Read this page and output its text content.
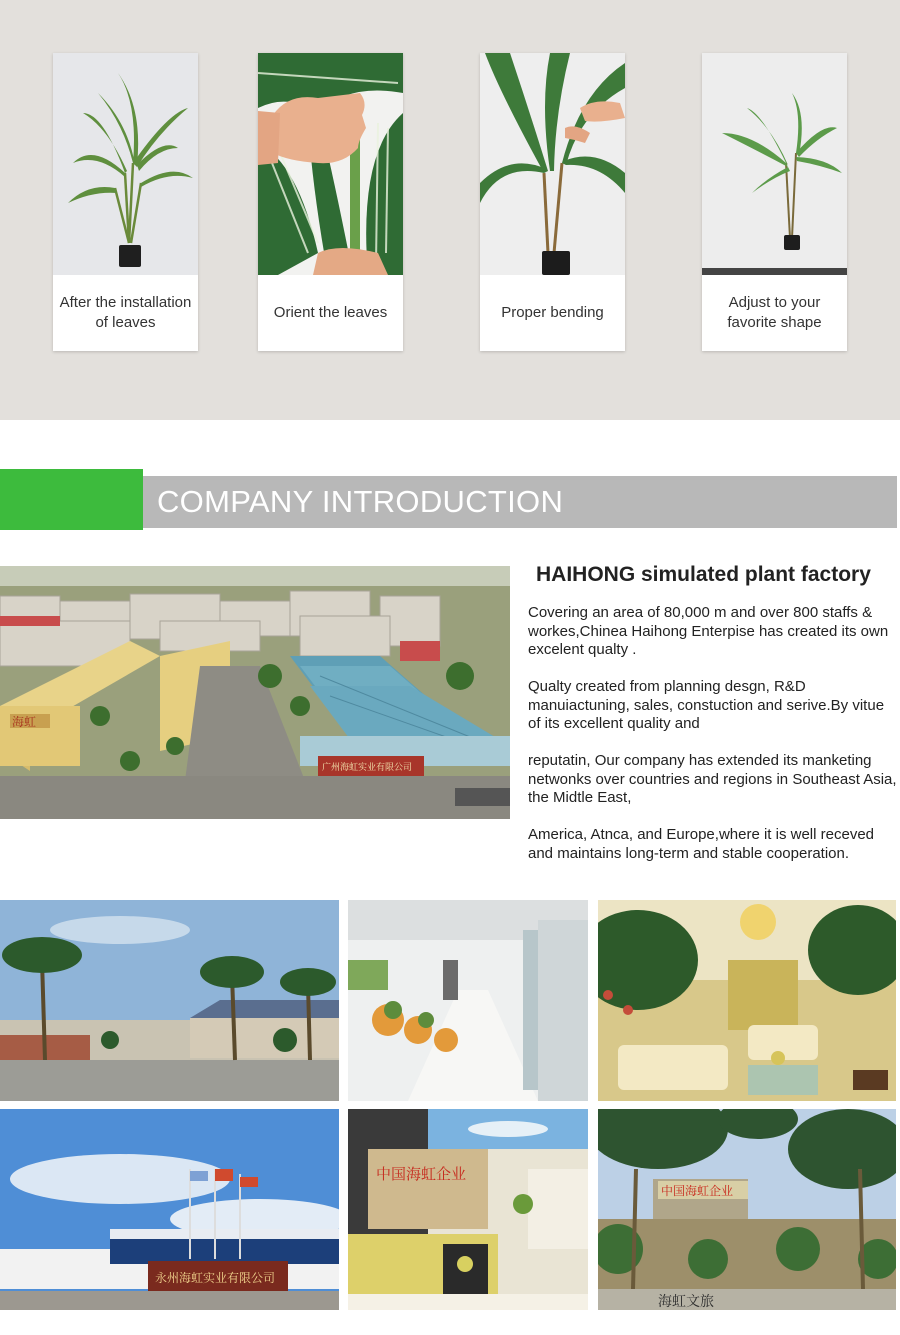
After the installation
of leaves
Orient the leaves	Proper bending
Adjust to your
favorite shape
COMPANY INTRODUCTION
海虹
广州海虹实业有限公司
HAIHONG simulated plant factory

Covering an area of 80,000 m and over 800 staffs & workes,Chinea Haihong Enterpise has created its own excelent qualty .

Qualty created from planning desgn, R&D manuiactuning, sales, constuction and serive.By vitue of its excellent quality and

reputatin, Our company has extended its manketing netwonks over countries and regions in Southeast Asia, the Midtle East,

America, Atnca, and Europe,where it is well receved and maintains long-term and stable cooperation.

永州海虹实业有限公司
中国海虹企业
中国海虹企业
海虹文旅
